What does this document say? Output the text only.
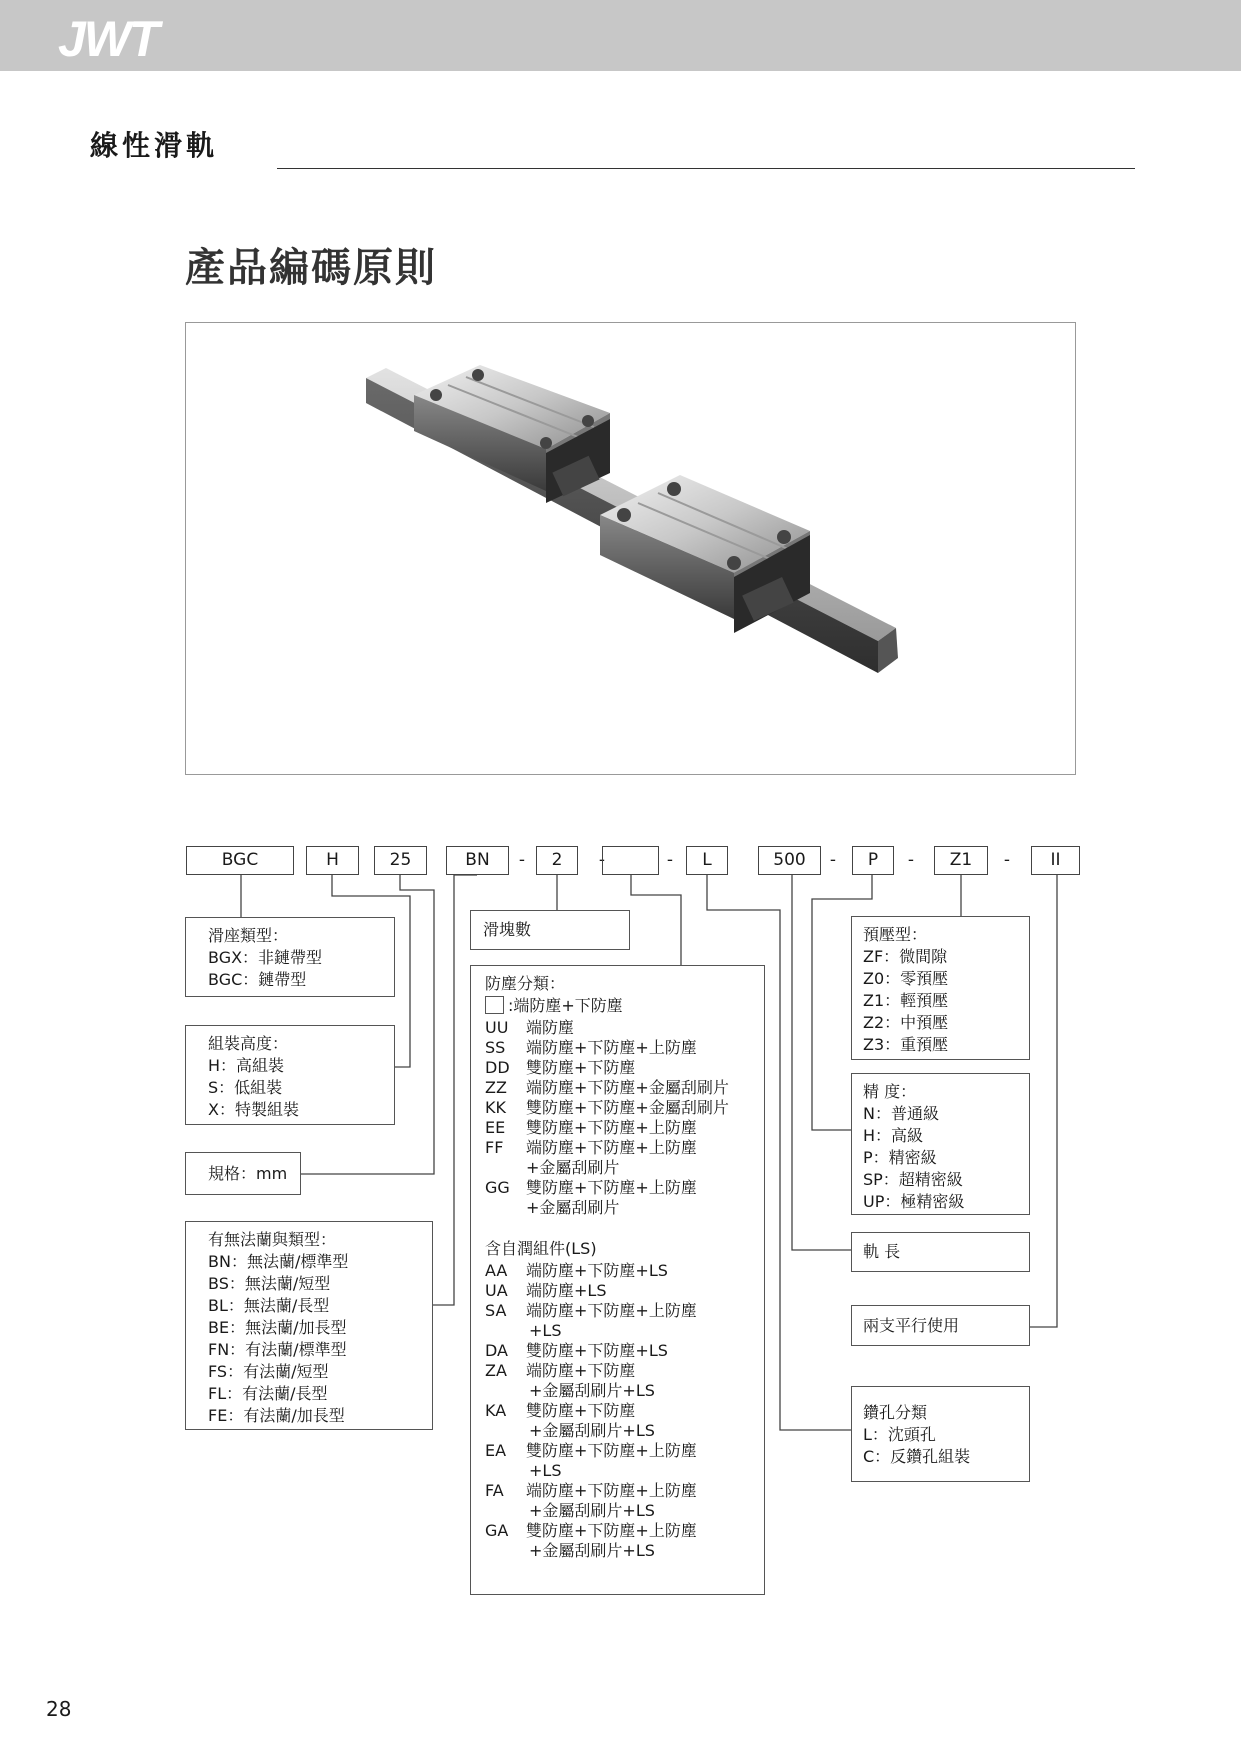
JWT
線性滑軌
產品編碼原則
BGC	H	25	BN	-	2	-	-	L	500	-	P	-	Z1	-	II
滑座類型：
BGX：非鏈帶型
BGC：鏈帶型
組裝高度：
H：高組裝
S：低組裝
X：特製組裝
規格：mm
有無法蘭與類型：
BN：無法蘭/標準型
BS：無法蘭/短型
BL：無法蘭/長型
BE：無法蘭/加長型
FN：有法蘭/標準型
FS：有法蘭/短型
FL：有法蘭/長型
FE：有法蘭/加長型
滑塊數
防塵分類：
:端防塵+下防塵
UU 端防塵
SS 端防塵+下防塵+上防塵
DD 雙防塵+下防塵
ZZ 端防塵+下防塵+金屬刮刷片
KK 雙防塵+下防塵+金屬刮刷片
EE 雙防塵+下防塵+上防塵
FF 端防塵+下防塵+上防塵
+金屬刮刷片
GG 雙防塵+下防塵+上防塵
+金屬刮刷片
含自潤組件(LS)
AA 端防塵+下防塵+LS
UA 端防塵+LS
SA 端防塵+下防塵+上防塵
+LS
DA 雙防塵+下防塵+LS
ZA 端防塵+下防塵
+金屬刮刷片+LS
KA 雙防塵+下防塵
+金屬刮刷片+LS
EA 雙防塵+下防塵+上防塵
+LS
FA 端防塵+下防塵+上防塵
+金屬刮刷片+LS
GA 雙防塵+下防塵+上防塵
+金屬刮刷片+LS
預壓型：
ZF：微間隙
Z0：零預壓
Z1：輕預壓
Z2：中預壓
Z3：重預壓
精 度：
N：普通級
H：高級
P：精密級
SP：超精密級
UP：極精密級
軌 長
兩支平行使用
鑽孔分類
L：沈頭孔
C：反鑽孔組裝
28
